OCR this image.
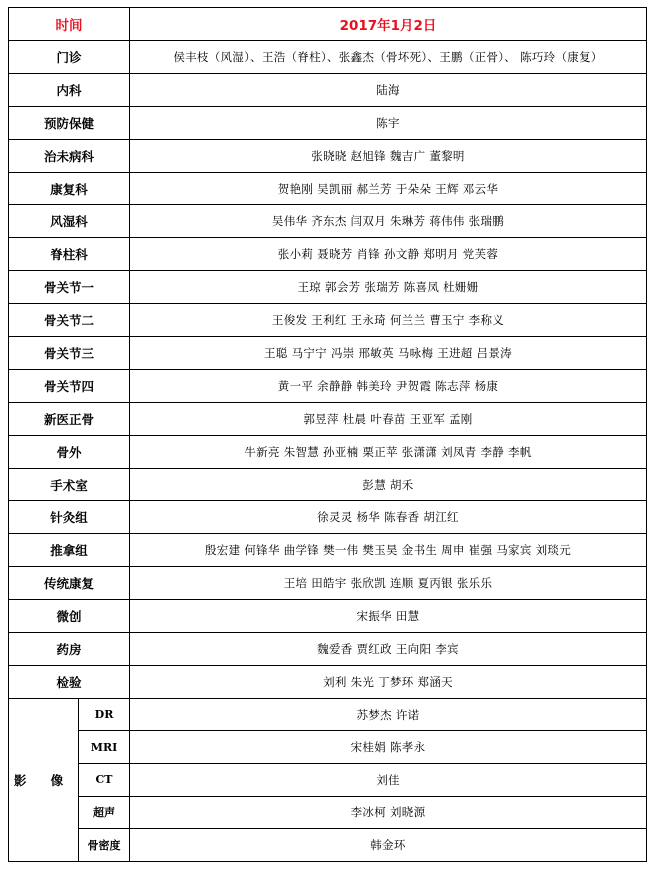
时间		2017年1月2日
门诊		侯丰枝（风湿）、王浩（脊柱）、张鑫杰（骨坏死）、王鹏（正骨）、 陈巧玲（康复）
内科		陆海
预防保健		陈宇
治未病科		张晓晓 赵旭锋 魏吉广 董黎明
康复科		贺艳刚 吴凯丽 郝兰芳 于朵朵 王辉 邓云华
风湿科		吴伟华 齐东杰 闫双月 朱琳芳 蒋伟伟 张瑞鹏
脊柱科		张小莉 聂晓芳 肖锋 孙文静 郑明月 党芙蓉
骨关节一		王琼 郭会芳 张瑞芳 陈喜凤 杜姗姗
骨关节二		王俊发 王利红 王永琦 何兰兰 曹玉宁 李称义
骨关节三		王聪 马宁宁 冯崇 邢敏英 马咏梅 王进超 吕景涛
骨关节四		黄一平 余静静 韩美玲 尹贺霞 陈志萍 杨康
新医正骨		郭昱萍 杜晨 叶春苗 王亚军 孟刚
骨外		牛新亮 朱智慧 孙亚楠 栗正苹 张潇潇 刘凤青 李静 李帆
手术室		彭慧 胡禾
针灸组		徐灵灵 杨华 陈春香 胡江红
推拿组		殷宏建 何锋华 曲学锋 樊一伟 樊玉昊 金书生 周申 崔强 马家宾 刘琰元
传统康复		王培 田皓宇 张欣凯 连顺 夏丙银 张乐乐
微创		宋振华 田慧
药房		魏爱香 贾红政 王向阳 李宾
检验		刘利 朱光 丁梦环 郑涵天
影 像	DR	苏梦杰 许诺
	MRI	宋桂娟 陈孝永
	CT	刘佳
	超声	李冰柯 刘晓源
	骨密度	韩金环
